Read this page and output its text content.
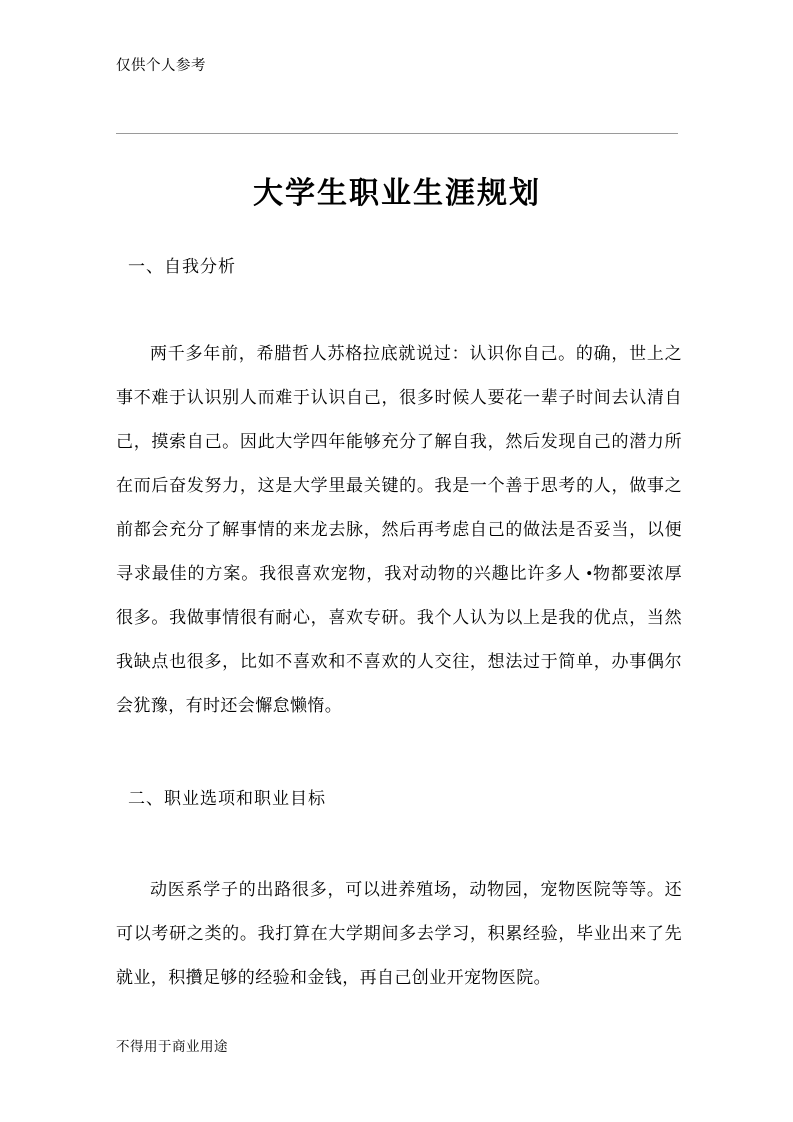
仅供个人参考
大学生职业生涯规划
一、自我分析
两千多年前，希腊哲人苏格拉底就说过：认识你自己。的确，世上之事不难于认识别人而难于认识自己，很多时候人要花一辈子时间去认清自己，摸索自己。因此大学四年能够充分了解自我，然后发现自己的潜力所在而后奋发努力，这是大学里最关键的。我是一个善于思考的人，做事之前都会充分了解事情的来龙去脉，然后再考虑自己的做法是否妥当，以便寻求最佳的方案。我很喜欢宠物，我对动物的兴趣比许多人 •物都要浓厚很多。我做事情很有耐心，喜欢专研。我个人认为以上是我的优点，当然我缺点也很多，比如不喜欢和不喜欢的人交往，想法过于简单，办事偶尔会犹豫，有时还会懈怠懒惰。
二、职业选项和职业目标
动医系学子的出路很多，可以进养殖场，动物园，宠物医院等等。还可以考研之类的。我打算在大学期间多去学习，积累经验，毕业出来了先就业，积攢足够的经验和金钱，再自己创业开宠物医院。
不得用于商业用途
